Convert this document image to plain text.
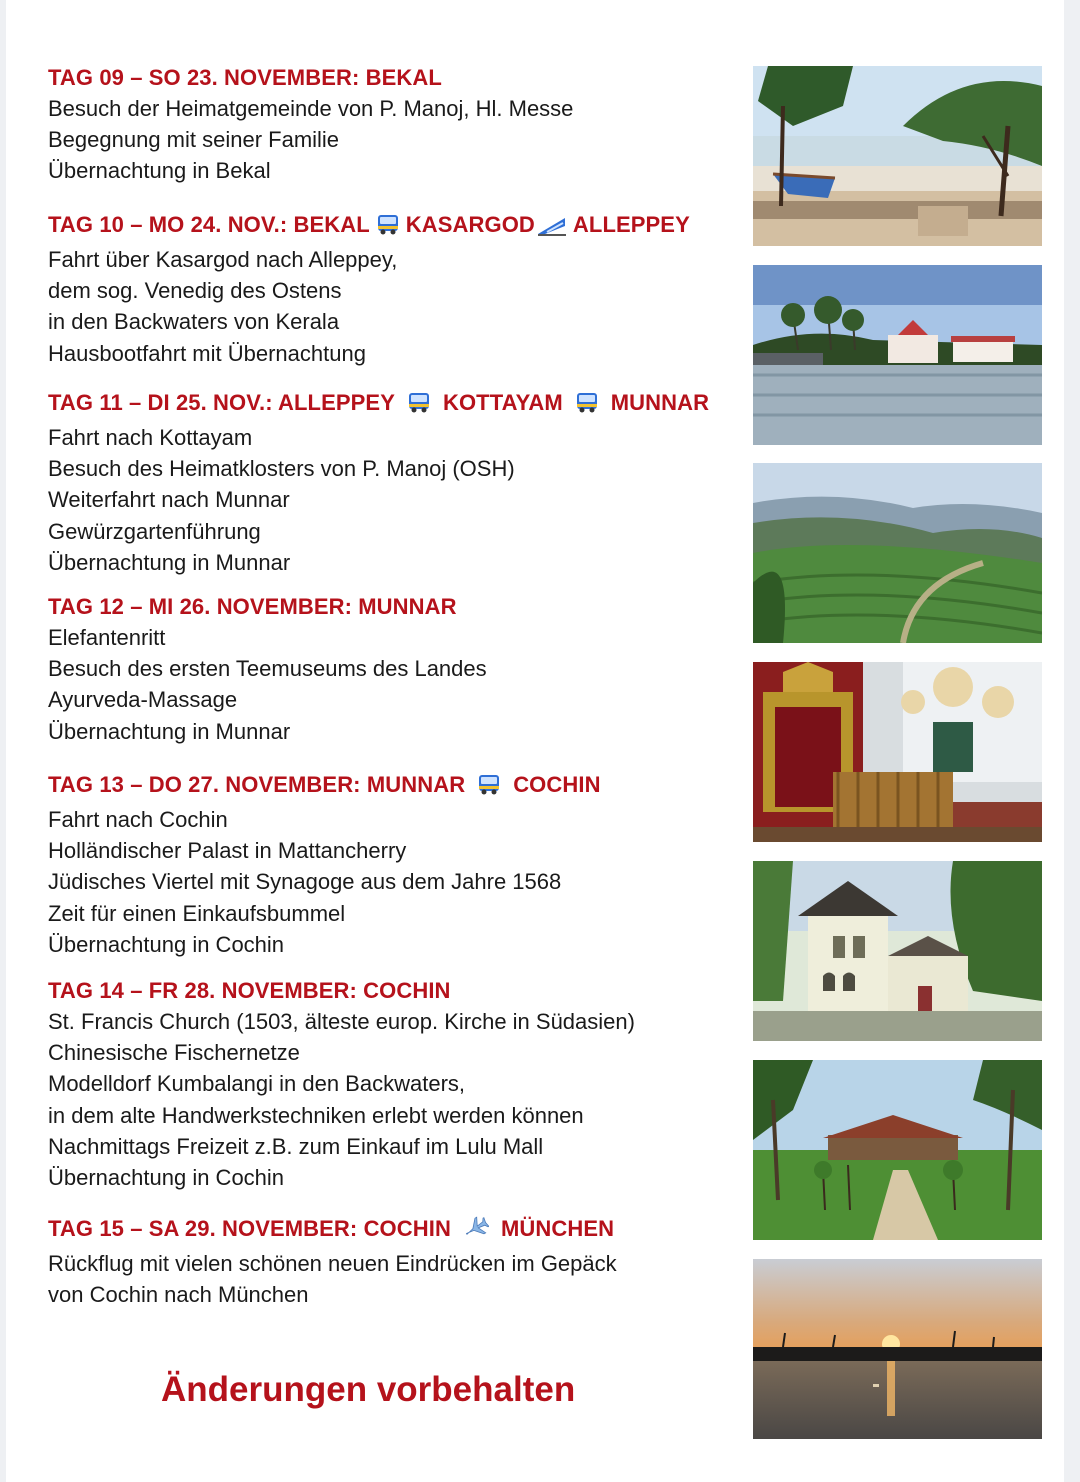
TAG 09 – SO 23. NOVEMBER: BEKAL
Besuch der Heimatgemeinde von P. Manoj, Hl. Messe
Begegnung mit seiner Familie
Übernachtung in Bekal
TAG 10 – MO 24. NOV.: BEKAL KASARGOD ALLEPPEY
Fahrt über Kasargod nach Alleppey,
dem sog. Venedig des Ostens
in den Backwaters von Kerala
Hausbootfahrt mit Übernachtung
TAG 11 – DI 25. NOV.: ALLEPPEY KOTTAYAM MUNNAR
Fahrt nach Kottayam
Besuch des Heimatklosters von P. Manoj (OSH)
Weiterfahrt nach Munnar
Gewürzgartenführung
Übernachtung in Munnar
TAG 12 – MI 26. NOVEMBER: MUNNAR
Elefantenritt
Besuch des ersten Teemuseums des Landes
Ayurveda-Massage
Übernachtung in Munnar
TAG 13 – DO 27. NOVEMBER: MUNNAR COCHIN
Fahrt nach Cochin
Holländischer Palast in Mattancherry
Jüdisches Viertel mit Synagoge aus dem Jahre 1568
Zeit für einen Einkaufsbummel
Übernachtung in Cochin
TAG 14 – FR 28. NOVEMBER: COCHIN
St. Francis Church (1503, älteste europ. Kirche in Südasien)
Chinesische Fischernetze
Modelldorf Kumbalangi in den Backwaters,
in dem alte Handwerkstechniken erlebt werden können
Nachmittags Freizeit z.B. zum Einkauf im Lulu Mall
Übernachtung in Cochin
TAG 15 – SA 29. NOVEMBER: COCHIN MÜNCHEN
Rückflug mit vielen schönen neuen Eindrücken im Gepäck
von Cochin nach München
Änderungen vorbehalten
